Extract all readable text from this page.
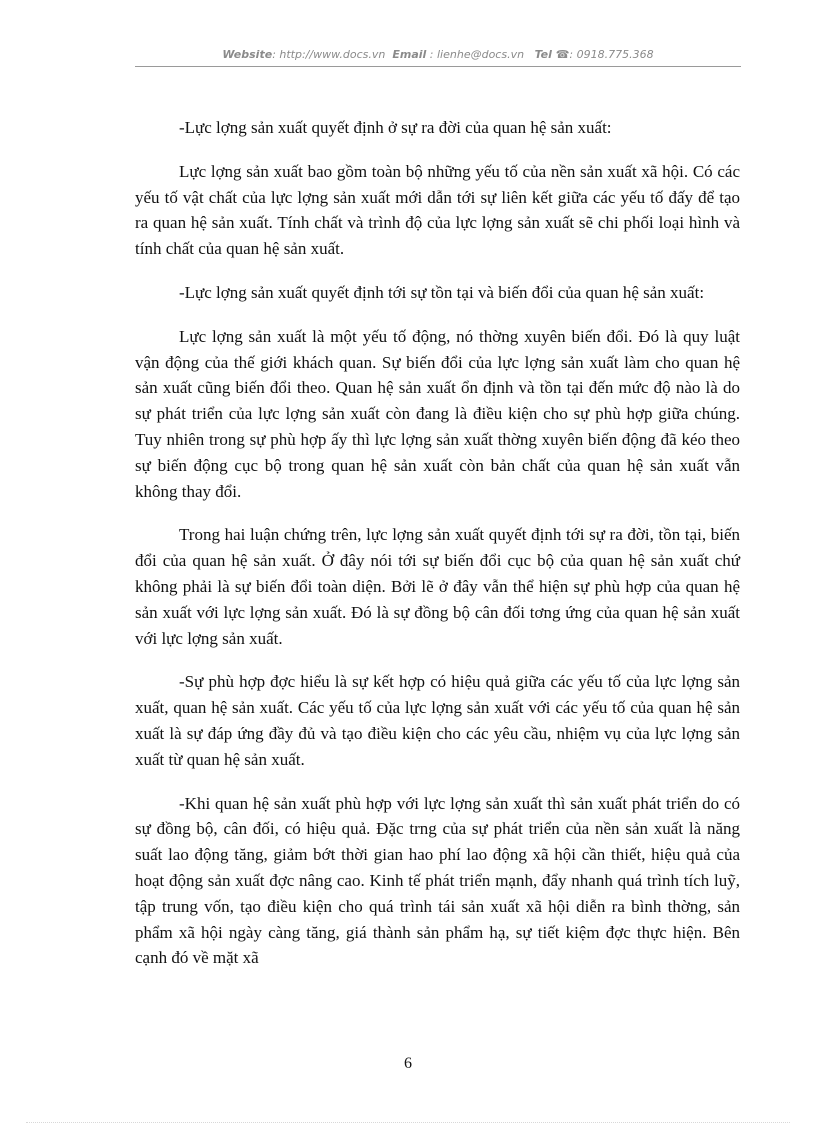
Website: http://www.docs.vn Email : lienhe@docs.vn Tel ☎: 0918.775.368

-Lực lợng sản xuất quyết định ở sự ra đời của quan hệ sản xuất:

Lực lợng sản xuất bao gồm toàn bộ những yếu tố của nền sản xuất xã hội. Có các yếu tố vật chất của lực lợng sản xuất mới dẫn tới sự liên kết giữa các yếu tố đấy để tạo ra quan hệ sản xuất. Tính chất và trình độ của lực lợng sản xuất sẽ chi phối loại hình và tính chất của quan hệ sản xuất.

-Lực lợng sản xuất quyết định tới sự tồn tại và biến đổi của quan hệ sản xuất:

Lực lợng sản xuất là một yếu tố động, nó thờng xuyên biến đổi. Đó là quy luật vận động của thế giới khách quan. Sự biến đổi của lực lợng sản xuất làm cho quan hệ sản xuất cũng biến đổi theo. Quan hệ sản xuất ổn định và tồn tại đến mức độ nào là do sự phát triển của lực lợng sản xuất còn đang là điều kiện cho sự phù hợp giữa chúng. Tuy nhiên trong sự phù hợp ấy thì lực lợng sản xuất thờng xuyên biến động đã kéo theo sự biến động cục bộ trong quan hệ sản xuất còn bản chất của quan hệ sản xuất vẫn không thay đổi.

Trong hai luận chứng trên, lực lợng sản xuất quyết định tới sự ra đời, tồn tại, biến đổi của quan hệ sản xuất. Ở đây nói tới sự biến đổi cục bộ của quan hệ sản xuất chứ không phải là sự biến đổi toàn diện. Bởi lẽ ở đây vẫn thể hiện sự phù hợp của quan hệ sản xuất với lực lợng sản xuất. Đó là sự đồng bộ cân đối tơng ứng của quan hệ sản xuất với lực lợng sản xuất.

-Sự phù hợp đợc hiểu là sự kết hợp có hiệu quả giữa các yếu tố của lực lợng sản xuất, quan hệ sản xuất. Các yếu tố của lực lợng sản xuất với các yếu tố của quan hệ sản xuất là sự đáp ứng đầy đủ và tạo điều kiện cho các yêu cầu, nhiệm vụ của lực lợng sản xuất từ quan hệ sản xuất.

-Khi quan hệ sản xuất phù hợp với lực lợng sản xuất thì sản xuất phát triển do có sự đồng bộ, cân đối, có hiệu quả. Đặc trng của sự phát triển của nền sản xuất là năng suất lao động tăng, giảm bớt thời gian hao phí lao động xã hội cần thiết, hiệu quả của hoạt động sản xuất đợc nâng cao. Kinh tế phát triển mạnh, đẩy nhanh quá trình tích luỹ, tập trung vốn, tạo điều kiện cho quá trình tái sản xuất xã hội diễn ra bình thờng, sản phẩm xã hội ngày càng tăng, giá thành sản phẩm hạ, sự tiết kiệm đợc thực hiện. Bên cạnh đó về mặt xã

6
